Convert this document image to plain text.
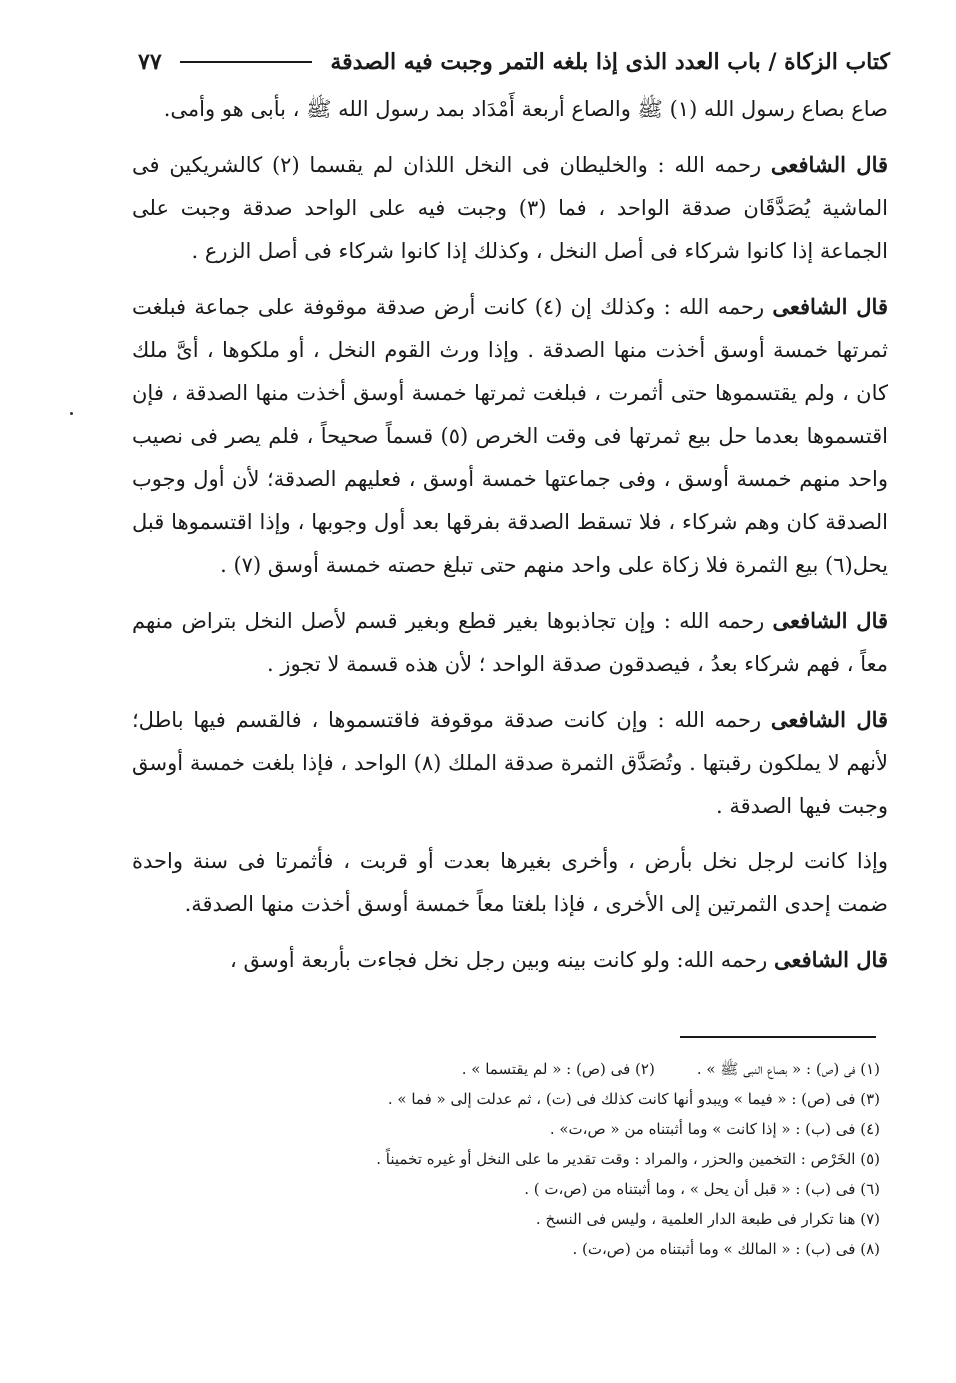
كتاب الزكاة / باب العدد الذى إذا بلغه التمر وجبت فيه الصدقة
٧٧

صاع بصاع رسول الله (١) ﷺ والصاع أربعة أَمْدَاد بمد رسول الله ﷺ ، بأبى هو وأمى.

قال الشافعى رحمه الله : والخليطان فى النخل اللذان لم يقسما (٢) كالشريكين فى الماشية يُصَدَّقَان صدقة الواحد ، فما (٣) وجبت فيه على الواحد صدقة وجبت على الجماعة إذا كانوا شركاء فى أصل النخل ، وكذلك إذا كانوا شركاء فى أصل الزرع .

قال الشافعى رحمه الله : وكذلك إن (٤) كانت أرض صدقة موقوفة على جماعة فبلغت ثمرتها خمسة أوسق أخذت منها الصدقة . وإذا ورث القوم النخل ، أو ملكوها ، أىَّ ملك كان ، ولم يقتسموها حتى أثمرت ، فبلغت ثمرتها خمسة أوسق أخذت منها الصدقة ، فإن اقتسموها بعدما حل بيع ثمرتها فى وقت الخرص (٥) قسماً صحيحاً ، فلم يصر فى نصيب واحد منهم خمسة أوسق ، وفى جماعتها خمسة أوسق ، فعليهم الصدقة؛ لأن أول وجوب الصدقة كان وهم شركاء ، فلا تسقط الصدقة بفرقها بعد أول وجوبها ، وإذا اقتسموها قبل يحل(٦) بيع الثمرة فلا زكاة على واحد منهم حتى تبلغ حصته خمسة أوسق (٧) .

قال الشافعى رحمه الله : وإن تجاذبوها بغير قطع وبغير قسم لأصل النخل بتراض منهم معاً ، فهم شركاء بعدُ ، فيصدقون صدقة الواحد ؛ لأن هذه قسمة لا تجوز .

قال الشافعى رحمه الله : وإن كانت صدقة موقوفة فاقتسموها ، فالقسم فيها باطل؛ لأنهم لا يملكون رقبتها . وتُصَدَّق الثمرة صدقة الملك (٨) الواحد ، فإذا بلغت خمسة أوسق وجبت فيها الصدقة .

وإذا كانت لرجل نخل بأرض ، وأخرى بغيرها بعدت أو قربت ، فأثمرتا فى سنة واحدة ضمت إحدى الثمرتين إلى الأخرى ، فإذا بلغتا معاً خمسة أوسق أخذت منها الصدقة.

قال الشافعى رحمه الله: ولو كانت بينه وبين رجل نخل فجاءت بأربعة أوسق ،

(١) فى (ص) : « بصاع النبى ﷺ » .
(٢) فى (ص) : « لم يقتسما » .
(٣) فى (ص) : « فيما » ويبدو أنها كانت كذلك فى (ت) ، ثم عدلت إلى « فما » .
(٤) فى (ب) : « إذا كانت » وما أثبتناه من « ص،ت» .
(٥) الخَرْص : التخمين والحزر ، والمراد : وقت تقدير ما على النخل أو غيره تخميناً .
(٦) فى (ب) : « قبل أن يحل » ، وما أثبتناه من (ص،ت ) .
(٧) هنا تكرار فى طبعة الدار العلمية ، وليس فى النسخ .
(٨) فى (ب) : « المالك » وما أثبتناه من (ص،ت) .
